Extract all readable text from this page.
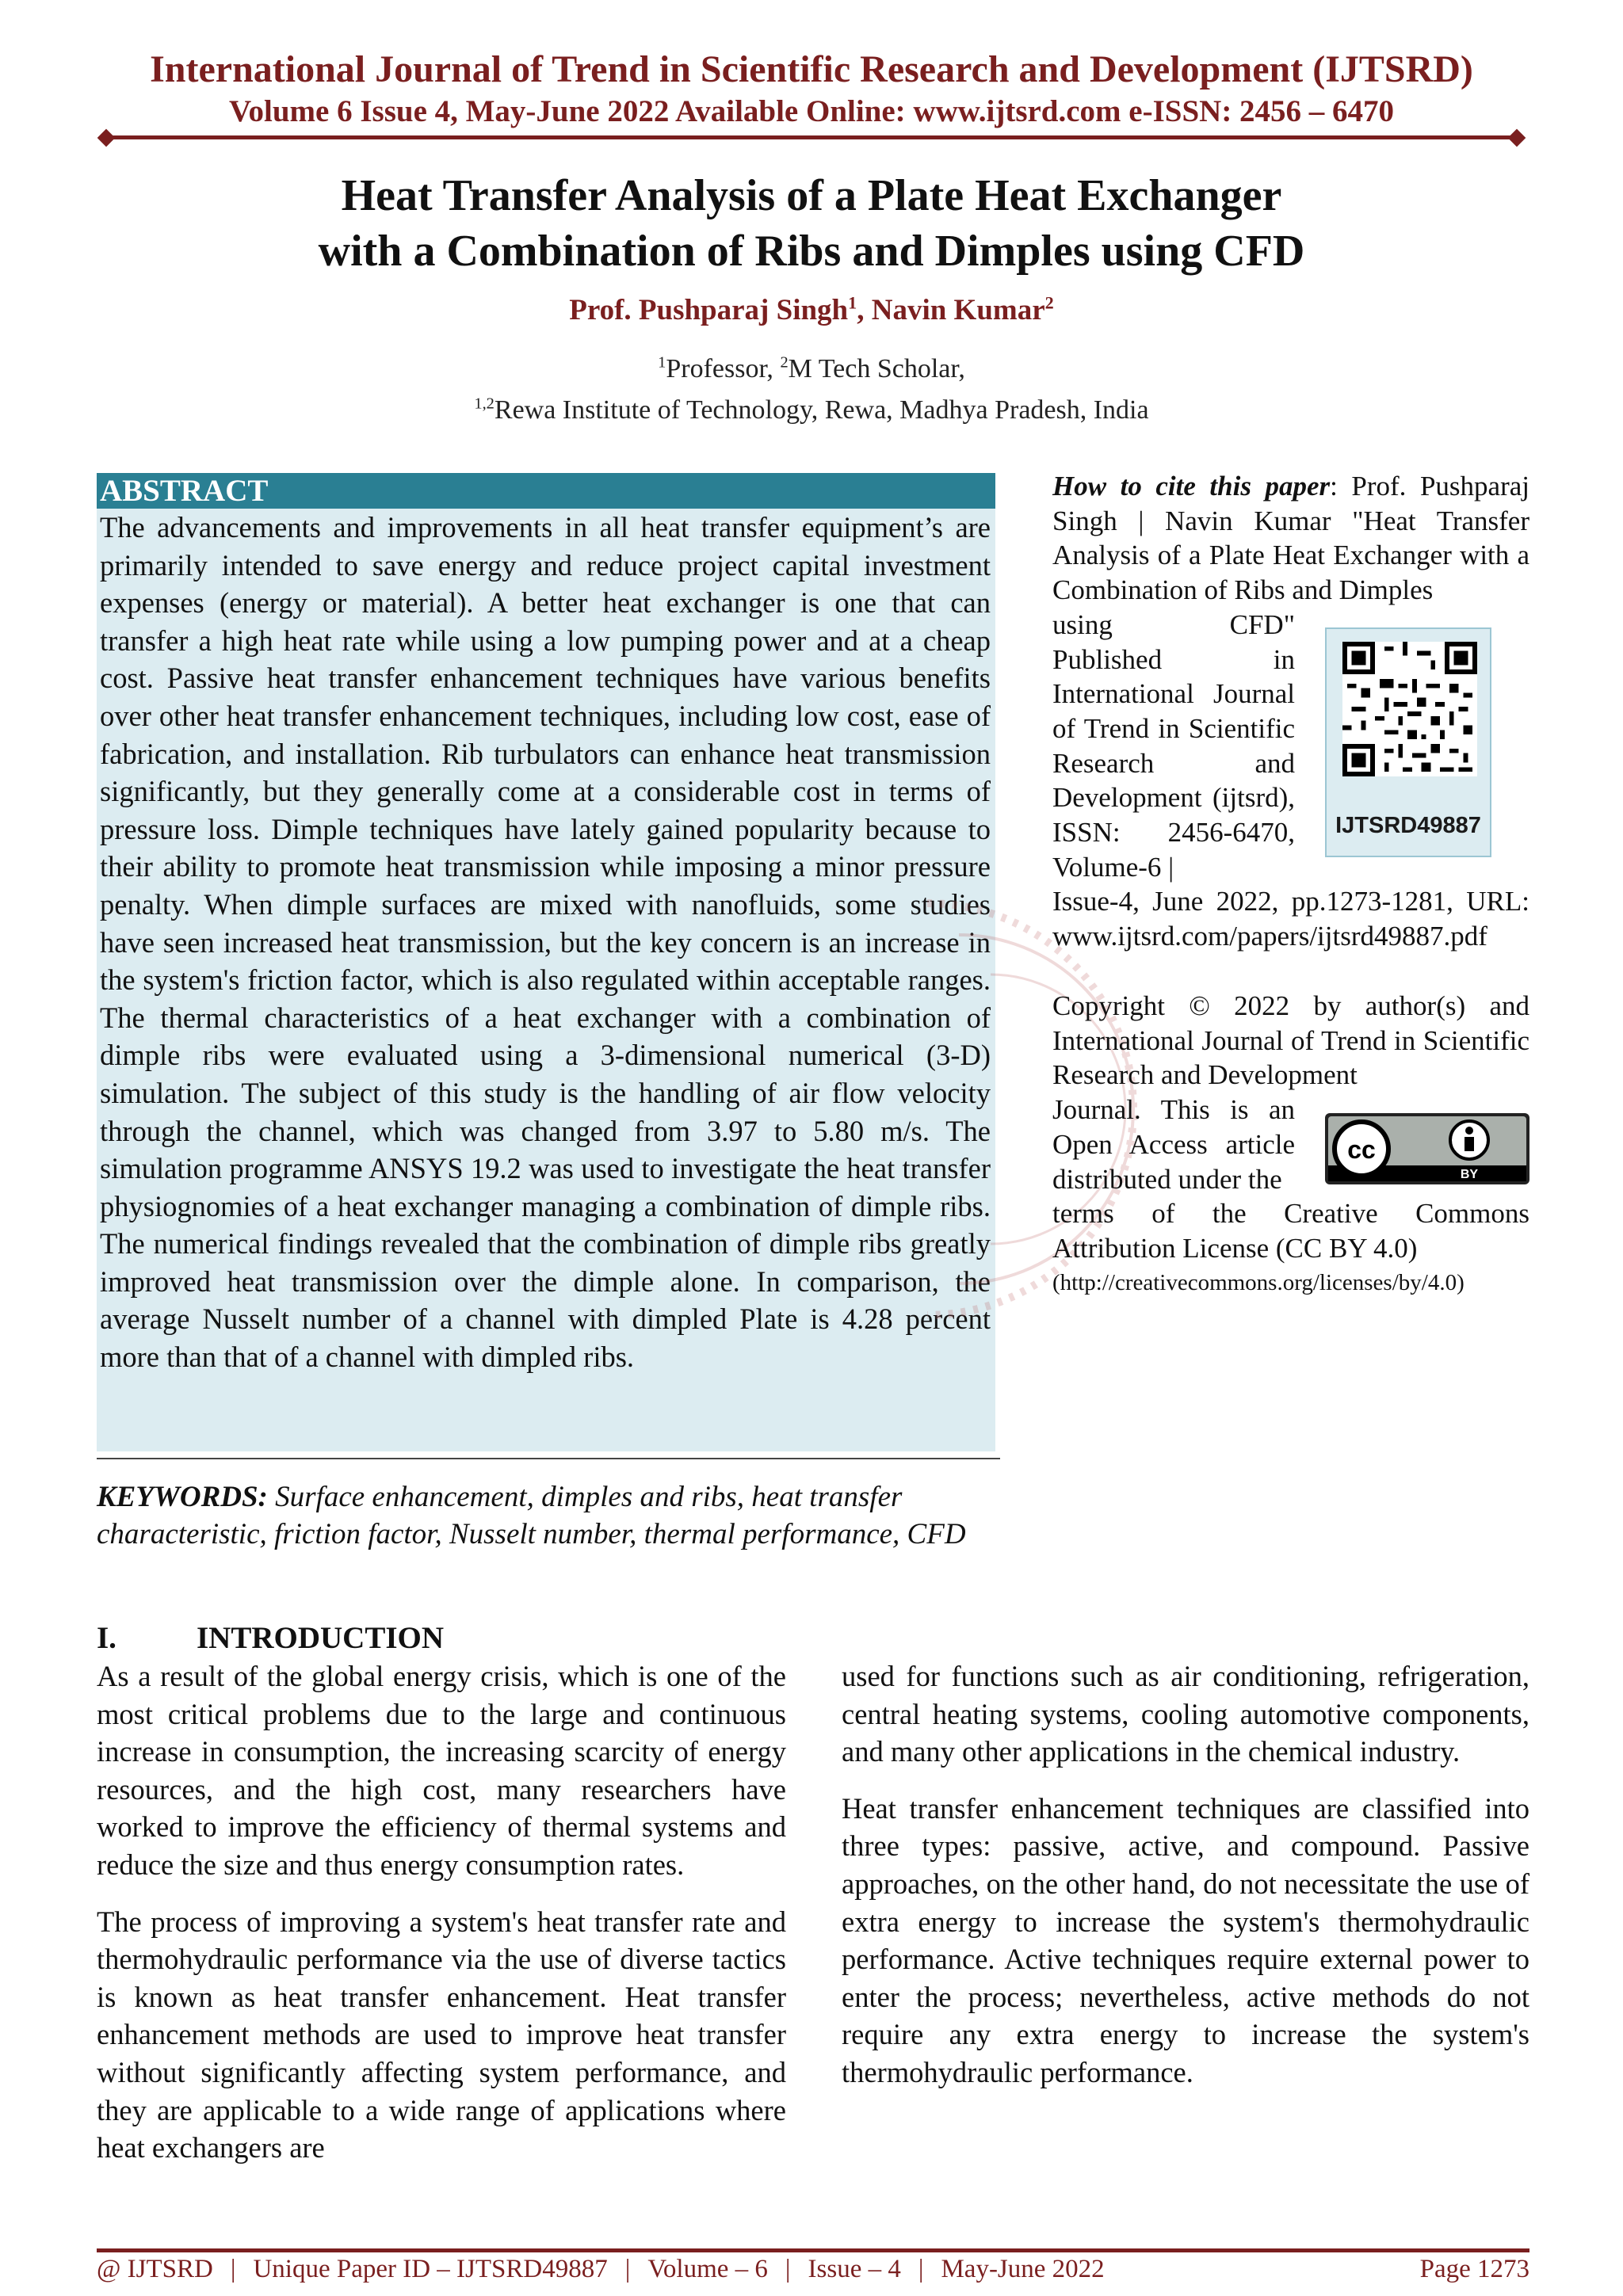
International Journal of Trend in Scientific Research and Development (IJTSRD)
Volume 6 Issue 4, May-June 2022 Available Online: www.ijtsrd.com e-ISSN: 2456 – 6470
Heat Transfer Analysis of a Plate Heat Exchanger
with a Combination of Ribs and Dimples using CFD
Prof. Pushparaj Singh$^1$, Navin Kumar$^2$
$^1$Professor, $^2$M Tech Scholar,
$^{1,2}$Rewa Institute of Technology, Rewa, Madhya Pradesh, India
ABSTRACT

The advancements and improvements in all heat transfer equipment’s are primarily intended to save energy and reduce project capital investment expenses (energy or material). A better heat exchanger is one that can transfer a high heat rate while using a low pumping power and at a cheap cost. Passive heat transfer enhancement techniques have various benefits over other heat transfer enhancement techniques, including low cost, ease of fabrication, and installation. Rib turbulators can enhance heat transmission significantly, but they generally come at a considerable cost in terms of pressure loss. Dimple techniques have lately gained popularity because to their ability to promote heat transmission while imposing a minor pressure penalty. When dimple surfaces are mixed with nanofluids, some studies have seen increased heat transmission, but the key concern is an increase in the system's friction factor, which is also regulated within acceptable ranges. The thermal characteristics of a heat exchanger with a combination of dimple ribs were evaluated using a 3-dimensional numerical (3-D) simulation. The subject of this study is the handling of air flow velocity through the channel, which was changed from 3.97 to 5.80 m/s. The simulation programme ANSYS 19.2 was used to investigate the heat transfer physiognomies of a heat exchanger managing a combination of dimple ribs. The numerical findings revealed that the combination of dimple ribs greatly improved heat transmission over the dimple alone. In comparison, the average Nusselt number of a channel with dimpled Plate is 4.28 percent more than that of a channel with dimpled ribs.

KEYWORDS: Surface enhancement, dimples and ribs, heat transfer characteristic, friction factor, Nusselt number, thermal performance, CFD

How to cite this paper: Prof. Pushparaj Singh | Navin Kumar "Heat Transfer Analysis of a Plate Heat Exchanger with a Combination of Ribs and Dimples

using CFD" Published in International Journal of Trend in Scientific Research and Development (ijtsrd), ISSN: 2456-6470, Volume-6 |

Issue-4, June 2022, pp.1273-1281, URL: www.ijtsrd.com/papers/ijtsrd49887.pdf

IJTSRD49887

Copyright © 2022 by author(s) and International Journal of Trend in Scientific Research and Development

Journal. This is an Open Access article distributed under the

terms of the Creative Commons Attribution License (CC BY 4.0)

(http://creativecommons.org/licenses/by/4.0)

cc
BY
I.	INTRODUCTION

As a result of the global energy crisis, which is one of the most critical problems due to the large and continuous increase in consumption, the increasing scarcity of energy resources, and the high cost, many researchers have worked to improve the efficiency of thermal systems and reduce the size and thus energy consumption rates.

The process of improving a system's heat transfer rate and thermohydraulic performance via the use of diverse tactics is known as heat transfer enhancement. Heat transfer enhancement methods are used to improve heat transfer without significantly affecting system performance, and they are applicable to a wide range of applications where heat exchangers are

used for functions such as air conditioning, refrigeration, central heating systems, cooling automotive components, and many other applications in the chemical industry.

Heat transfer enhancement techniques are classified into three types: passive, active, and compound. Passive approaches, on the other hand, do not necessitate the use of extra energy to increase the system's thermohydraulic performance. Active techniques require external power to enter the process; nevertheless, active methods do not require any extra energy to increase the system's thermohydraulic performance.

@ IJTSRD | Unique Paper ID – IJTSRD49887 | Volume – 6 | Issue – 4 | May-June 2022	Page 1273
